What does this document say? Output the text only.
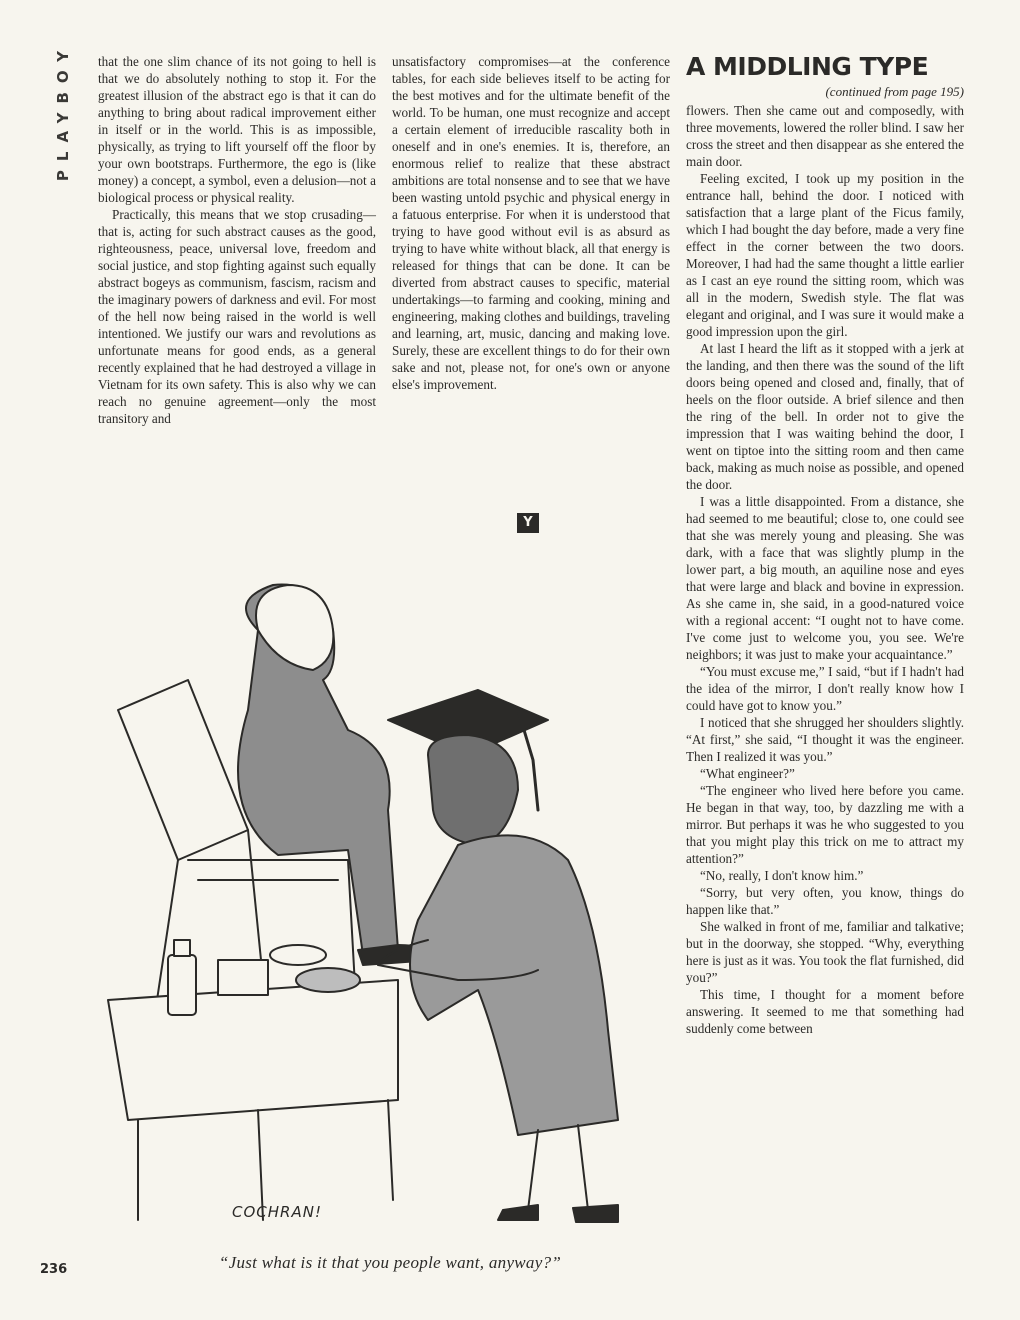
PLAYBOY that the one slim chance of its not going to hell is that we do absolutely nothing to stop it. For the greatest illusion of the abstract ego is that it can do anything to bring about radical improvement either in itself or in the world. This is as impossible, physically, as trying to lift yourself off the floor by your own bootstraps. Furthermore, the ego is (like money) a concept, a symbol, even a delusion—not a biological process or physical reality.

Practically, this means that we stop crusading—that is, acting for such abstract causes as the good, righteousness, peace, universal love, freedom and social justice, and stop fighting against such equally abstract bogeys as communism, fascism, racism and the imaginary powers of darkness and evil. For most of the hell now being raised in the world is well intentioned. We justify our wars and revolutions as unfortunate means for good ends, as a general recently explained that he had destroyed a village in Vietnam for its own safety. This is also why we can reach no genuine agreement—only the most transitory and

unsatisfactory compromises—at the conference tables, for each side believes itself to be acting for the best motives and for the ultimate benefit of the world. To be human, one must recognize and accept a certain element of irreducible rascality both in oneself and in one's enemies. It is, therefore, an enormous relief to realize that these abstract ambitions are total nonsense and to see that we have been wasting untold psychic and physical energy in a fatuous enterprise. For when it is understood that trying to have good without evil is as absurd as trying to have white without black, all that energy is released for things that can be done. It can be diverted from abstract causes to specific, material undertakings—to farming and cooking, mining and engineering, making clothes and buildings, traveling and learning, art, music, dancing and making love. Surely, these are excellent things to do for their own sake and not, please not, for one's own or anyone else's improvement.

Y
A MIDDLING TYPE
(continued from page 195)

flowers. Then she came out and composedly, with three movements, lowered the roller blind. I saw her cross the street and then disappear as she entered the main door.

Feeling excited, I took up my position in the entrance hall, behind the door. I noticed with satisfaction that a large plant of the Ficus family, which I had bought the day before, made a very fine effect in the corner between the two doors. Moreover, I had had the same thought a little earlier as I cast an eye round the sitting room, which was all in the modern, Swedish style. The flat was elegant and original, and I was sure it would make a good impression upon the girl.

At last I heard the lift as it stopped with a jerk at the landing, and then there was the sound of the lift doors being opened and closed and, finally, that of heels on the floor outside. A brief silence and then the ring of the bell. In order not to give the impression that I was waiting behind the door, I went on tiptoe into the sitting room and then came back, making as much noise as possible, and opened the door.

I was a little disappointed. From a distance, she had seemed to me beautiful; close to, one could see that she was merely young and pleasing. She was dark, with a face that was slightly plump in the lower part, a big mouth, an aquiline nose and eyes that were large and black and bovine in expression. As she came in, she said, in a good-natured voice with a regional accent: “I ought not to have come. I've come just to welcome you, you see. We're neighbors; it was just to make your acquaintance.”

“You must excuse me,” I said, “but if I hadn't had the idea of the mirror, I don't really know how I could have got to know you.”

I noticed that she shrugged her shoulders slightly. “At first,” she said, “I thought it was the engineer. Then I realized it was you.”

“What engineer?”

“The engineer who lived here before you came. He began in that way, too, by dazzling me with a mirror. But perhaps it was he who suggested to you that you might play this trick on me to attract my attention?”

“No, really, I don't know him.”

“Sorry, but very often, you know, things do happen like that.”

She walked in front of me, familiar and talkative; but in the doorway, she stopped. “Why, everything here is just as it was. You took the flat furnished, did you?”

This time, I thought for a moment before answering. It seemed to me that something had suddenly come between

COCHRAN!
“Just what is it that you people want, anyway?”
236
